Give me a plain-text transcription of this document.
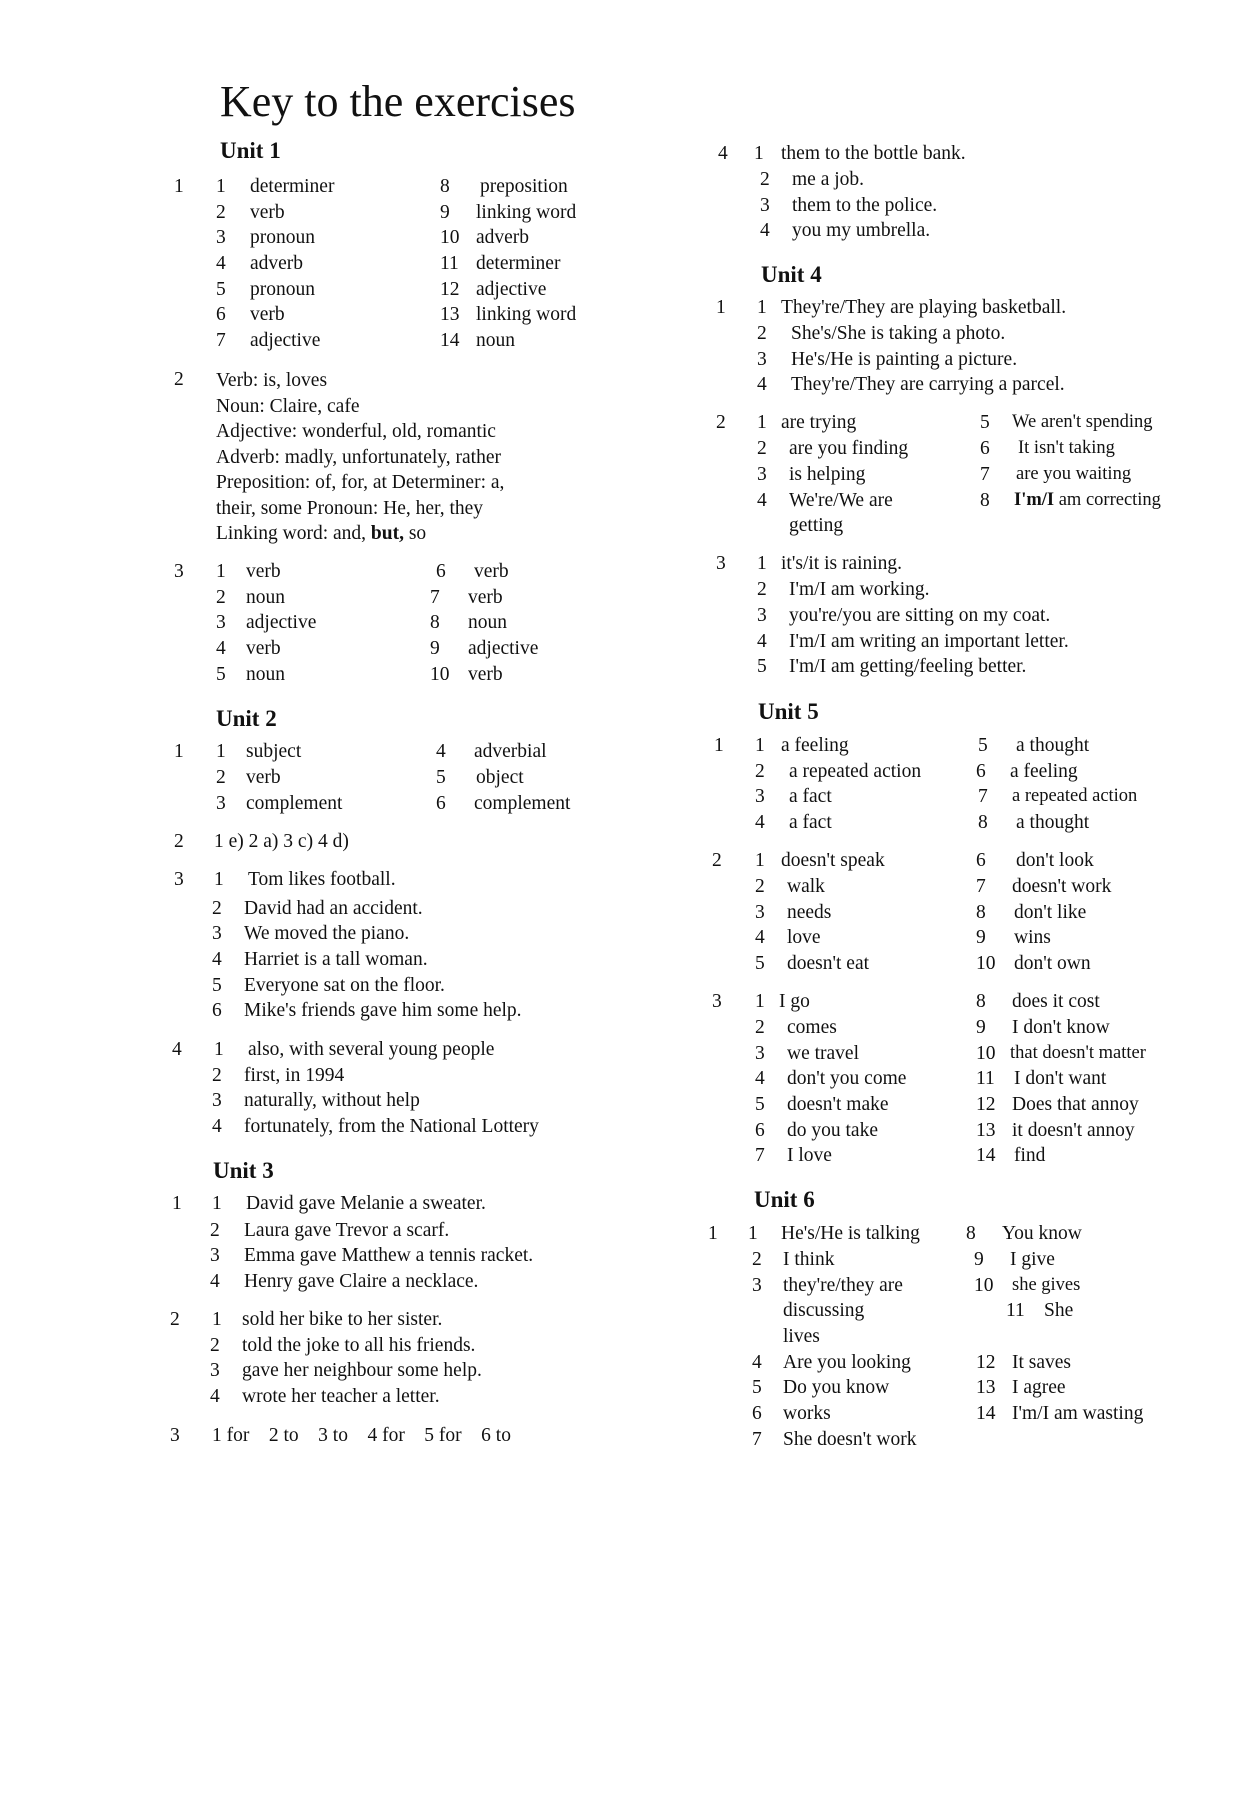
Key to the exercises
Unit 1
1 1 determiner
2 verb
3 pronoun
4 adverb
5 pronoun
6 verb
7 adjective
8 preposition
9 linking word
10 adverb
11 determiner
12 adjective
13 linking word
14 noun
2 Verb: is, loves
Noun: Claire, cafe
Adjective: wonderful, old, romantic
Adverb: madly, unfortunately, rather
Preposition: of, for, at Determiner: a,
their, some Pronoun: He, her, they
Linking word: and, but, so
3 1 verb
2 noun
3 adjective
4 verb
5 noun
6 verb
7 verb
8 noun
9 adjective
10 verb
Unit 2
1 1 subject
2 verb
3 complement
4 adverbial
5 object
6 complement
2 1 e) 2 a) 3 c) 4 d)
3 1 Tom likes football.
2 David had an accident.
3 We moved the piano.
4 Harriet is a tall woman.
5 Everyone sat on the floor.
6 Mike's friends gave him some help.
4 1 also, with several young people
2 first, in 1994
3 naturally, without help
4 fortunately, from the National Lottery
Unit 3
1 1 David gave Melanie a sweater.
2 Laura gave Trevor a scarf.
3 Emma gave Matthew a tennis racket.
4 Henry gave Claire a necklace.
2 1 sold her bike to her sister.
2 told the joke to all his friends.
3 gave her neighbour some help.
4 wrote her teacher a letter.
3 1 for    2 to    3 to    4 for    5 for    6 to
4 1 them to the bottle bank.
2 me a job.
3 them to the police.
4 you my umbrella.
Unit 4
1 1 They're/They are playing basketball.
2 She's/She is taking a photo.
3 He's/He is painting a picture.
4 They're/They are carrying a parcel.
2 1 are trying
2 are you finding
3 is helping
4 We're/We are
getting
5 We aren't spending
6 It isn't taking
7 are you waiting
8 I'm/I am correcting
3 1 it's/it is raining.
2 I'm/I am working.
3 you're/you are sitting on my coat.
4 I'm/I am writing an important letter.
5 I'm/I am getting/feeling better.
Unit 5
1 1 a feeling
2 a repeated action
3 a fact
4 a fact
5 a thought
6 a feeling
7 a repeated action
8 a thought
2 1 doesn't speak
2 walk
3 needs
4 love
5 doesn't eat
6 don't look
7 doesn't work
8 don't like
9 wins
10 don't own
3 1 I go
2 comes
3 we travel
4 don't you come
5 doesn't make
6 do you take
7 I love
8 does it cost
9 I don't know
10 that doesn't matter
11 I don't want
12 Does that annoy
13 it doesn't annoy
14 find
Unit 6
1 1 He's/He is talking
2 I think
3 they're/they are
discussing
lives
4 Are you looking
5 Do you know
6 works
7 She doesn't work
8 You know
9 I give
10 she gives
11 She
12 It saves
13 I agree
14 I'm/I am wasting
